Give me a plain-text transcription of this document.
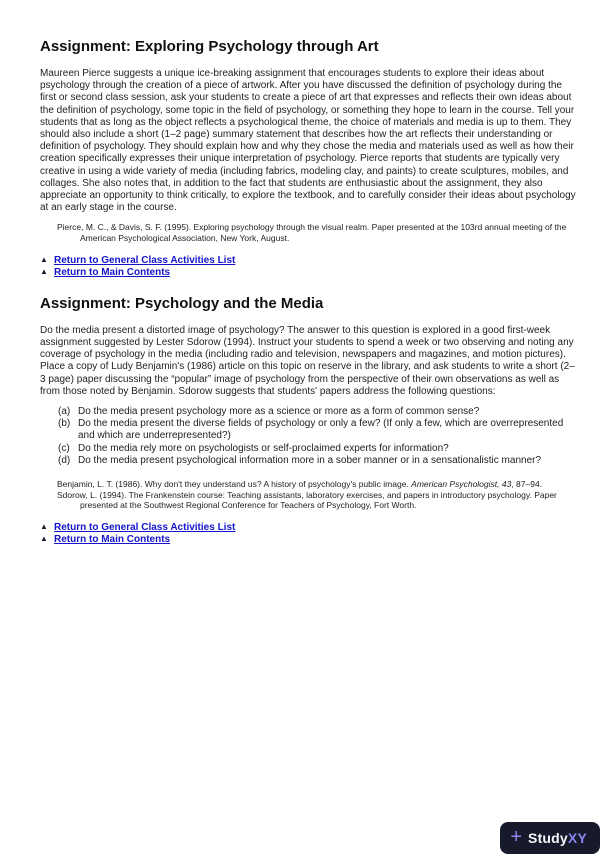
Assignment: Exploring Psychology through Art

Maureen Pierce suggests a unique ice-breaking assignment that encourages students to explore their ideas about psychology through the creation of a piece of artwork. After you have discussed the definition of psychology during the first or second class session, ask your students to create a piece of art that expresses and reflects their own ideas about the definition of psychology, some topic in the field of psychology, or something they hope to learn in the course. Tell your students that as long as the object reflects a psychological theme, the choice of materials and media is up to them. They should also include a short (1–2 page) summary statement that describes how the art reflects their understanding or definition of psychology. They should explain how and why they chose the media and materials used as well as how their creation specifically expresses their unique interpretation of psychology. Pierce reports that students are typically very creative in using a wide variety of media (including fabrics, modeling clay, and paints) to create sculptures, mobiles, and collages. She also notes that, in addition to the fact that students are enthusiastic about the assignment, they also appreciate an opportunity to think critically, to explore the textbook, and to carefully consider their ideas about psychology at an early stage in the course.

Pierce, M. C., & Davis, S. F. (1995). Exploring psychology through the visual realm. Paper presented at the 103rd annual meeting of the American Psychological Association, New York, August.
▲ Return to General Class Activities List
▲ Return to Main Contents
Assignment: Psychology and the Media

Do the media present a distorted image of psychology? The answer to this question is explored in a good first-week assignment suggested by Lester Sdorow (1994). Instruct your students to spend a week or two observing and noting any coverage of psychology in the media (including radio and television, newspapers and magazines, and motion pictures). Place a copy of Ludy Benjamin's (1986) article on this topic on reserve in the library, and ask students to write a short (2–3 page) paper discussing the “popular” image of psychology from the perspective of their own observations as well as from those noted by Benjamin. Sdorow suggests that students' papers address the following questions:

(a) Do the media present psychology more as a science or more as a form of common sense?
(b) Do the media present the diverse fields of psychology or only a few? (If only a few, which are overrepresented and which are underrepresented?)
(c) Do the media rely more on psychologists or self-proclaimed experts for information?
(d) Do the media present psychological information more in a sober manner or in a sensationalistic manner?
Benjamin, L. T. (1986). Why don't they understand us? A history of psychology's public image. American Psychologist, 43, 87–94.
Sdorow, L. (1994). The Frankenstein course: Teaching assistants, laboratory exercises, and papers in introductory psychology. Paper presented at the Southwest Regional Conference for Teachers of Psychology, Fort Worth.
▲ Return to General Class Activities List
▲ Return to Main Contents
+ StudyXY
